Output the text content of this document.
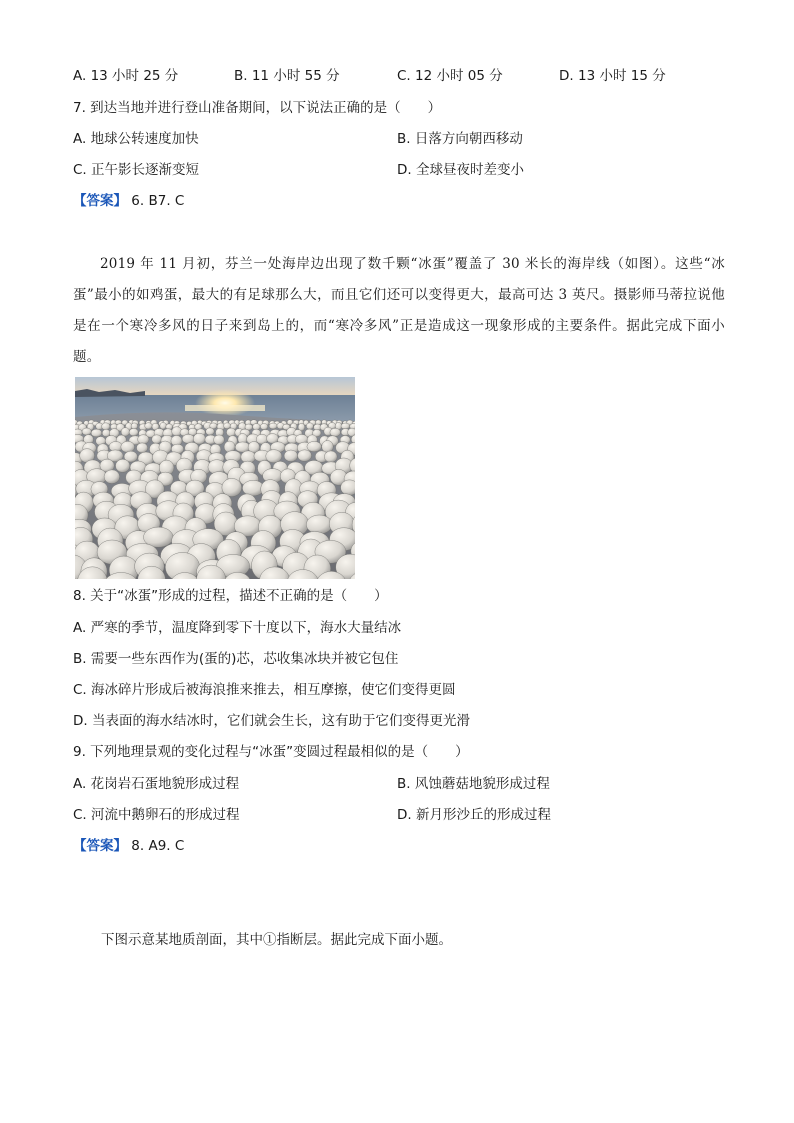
A. 13 小时 25 分	B. 11 小时 55 分	C. 12 小时 05 分	D. 13 小时 15 分
7. 到达当地并进行登山准备期间，以下说法正确的是（　　）
A. 地球公转速度加快	B. 日落方向朝西移动
C. 正午影长逐渐变短	D. 全球昼夜时差变小
【答案】 6. B7. C
2019 年 11 月初，芬兰一处海岸边出现了数千颗“冰蛋”覆盖了 30 米长的海岸线（如图）。这些“冰蛋”最小的如鸡蛋，最大的有足球那么大，而且它们还可以变得更大，最高可达 3 英尺。摄影师马蒂拉说他是在一个寒冷多风的日子来到岛上的，而“寒冷多风”正是造成这一现象形成的主要条件。据此完成下面小题。
8. 关于“冰蛋”形成的过程，描述不正确的是（　　）
A. 严寒的季节，温度降到零下十度以下，海水大量结冰
B. 需要一些东西作为(蛋的)芯，芯收集冰块并被它包住
C. 海冰碎片形成后被海浪推来推去，相互摩擦，使它们变得更圆
D. 当表面的海水结冰时，它们就会生长，这有助于它们变得更光滑
9. 下列地理景观的变化过程与“冰蛋”变圆过程最相似的是（　　）
A. 花岗岩石蛋地貌形成过程	B. 风蚀蘑菇地貌形成过程
C. 河流中鹅卵石的形成过程	D. 新月形沙丘的形成过程
【答案】 8. A9. C
下图示意某地质剖面，其中①指断层。据此完成下面小题。
